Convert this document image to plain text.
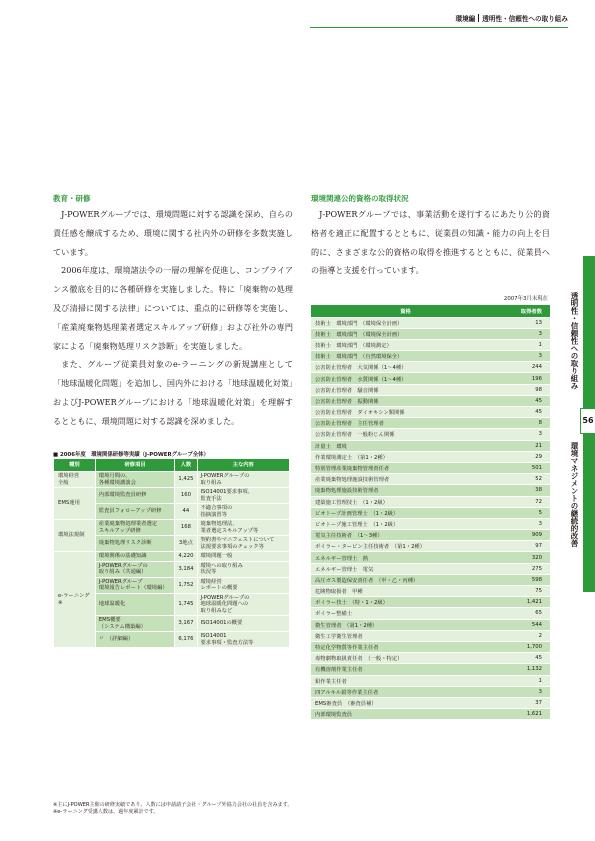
環境編 透明性・信頼性への取り組み
教育・研修

J-POWERグループでは、環境問題に対する認識を深め、自らの責任感を醸成するため、環境に関する社内外の研修を多数実施しています。

2006年度は、環境諸法令の一層の理解を促進し、コンプライアンス徹底を目的に各種研修を実施しました。特に「廃棄物の処理及び清掃に関する法律」については、重点的に研修等を実施し、「産業廃棄物処理業者選定スキルアップ研修」および社外の専門家による「廃棄物処理リスク診断」を実施しました。

また、グループ従業員対象のe-ラーニングの新規講座として「地球温暖化問題」を追加し、国内外における「地球温暖化対策」およびJ-POWERグループにおける「地球温暖化対策」を理解するとともに、環境問題に対する認識を深めました。

■ 2006年度　環境関係研修等実績（J-POWERグループ全体）
種別	研修項目	人数	主な内容
環境経営
全般	環境月間の、
各種環境講演会	1,425	J-POWERグループの
取り組み
EMS運用	内部環境監査員研修	160	ISO14001要求事項、
監査手法
	監査員フォローアップ研修	44	不適合事項の
指摘演習等
環境法規制	産業廃棄物処理業者選定
スキルアップ研修	168	廃棄物処理法、
業者選定スキルアップ等
	廃棄物処理リスク診断	3地点	契約書やマニフェストについて
法規要求事項のチェック等
e-ラーニング※	環境関係の基礎知識	4,220	環境問題一般
	J-POWERグループの
取り組み（共通編）	3,184	環境への取り組み
状況等
	J-POWERグループ
環境報告レポート（環境編）	1,752	環境経営
レポートの概要
	地球温暖化	1,745	J-POWERグループの
地球温暖化問題への
取り組みなど
	EMS概要
（システム構築編）	3,167	ISO14001の概要
	〃　（詳細編）	6,176	ISO14001
要求事項・監査方法等
※主にJ-POWER主催の研修実績であり、人数には申請請子会社・グループ外協力会社の社員を含みます。
※e-ラーニング受講人数は、過年度累計です。
環境関連公的資格の取得状況

J-POWERグループでは、事業活動を遂行するにあたり公的資格者を適正に配置するとともに、従業員の知識・能力の向上を目的に、さまざまな公的資格の取得を推進するとともに、従業員への指導と支援を行っています。

2007年3月末現在
資格	取得者数
技術士　環境部門　（環境保全計画）	13
技術士　環境部門　（環境保全計画）	3
技術士　環境部門　（環境測定）	1
技術士　環境部門　（自然環境保全）	3
公害防止管理者　大気関係（1～4種）	244
公害防止管理者　水質関係（1～4種）	196
公害防止管理者　騒音関係	98
公害防止管理者　振動関係	45
公害防止管理者　ダイオキシン類関係	45
公害防止管理者　主任管理者	8
公害防止管理者　一般粉じん関係	3
計量士　環境	21
作業環境測定士　（第1・2種）	29
特別管理産業廃棄物管理責任者	501
産業廃棄物処理施設技術管理者	52
廃棄物処理施設技術管理者	38
建築施工管理技士　（1・2級）	72
ビオトープ計画管理士　（1・2級）	5
ビオトープ施工管理士　（1・2級）	3
電気主任技術者　（1～3種）	909
ボイラー・タービン主任技術者　（第1・2種）	97
エネルギー管理士　熱	320
エネルギー管理士　電気	275
高圧ガス製造保安責任者　（甲・乙・丙種）	598
危険物取扱者　甲種	75
ボイラー技士　（特・1・2級）	1,421
ボイラー整備士	65
衛生管理者　（第1・2種）	544
衛生工学衛生管理者	2
特定化学物質等作業主任者	1,700
毒物劇物取扱責任者　（一般・特定）	45
有機溶剤作業主任者	1,132
鉛作業主任者	1
四アルキル鉛等作業主任者	3
EMS審査員　（審査員補）	37
内部環境監査員	1,621
透明性・信頼性への取り組み
56
環境マネジメントの継続的改善
